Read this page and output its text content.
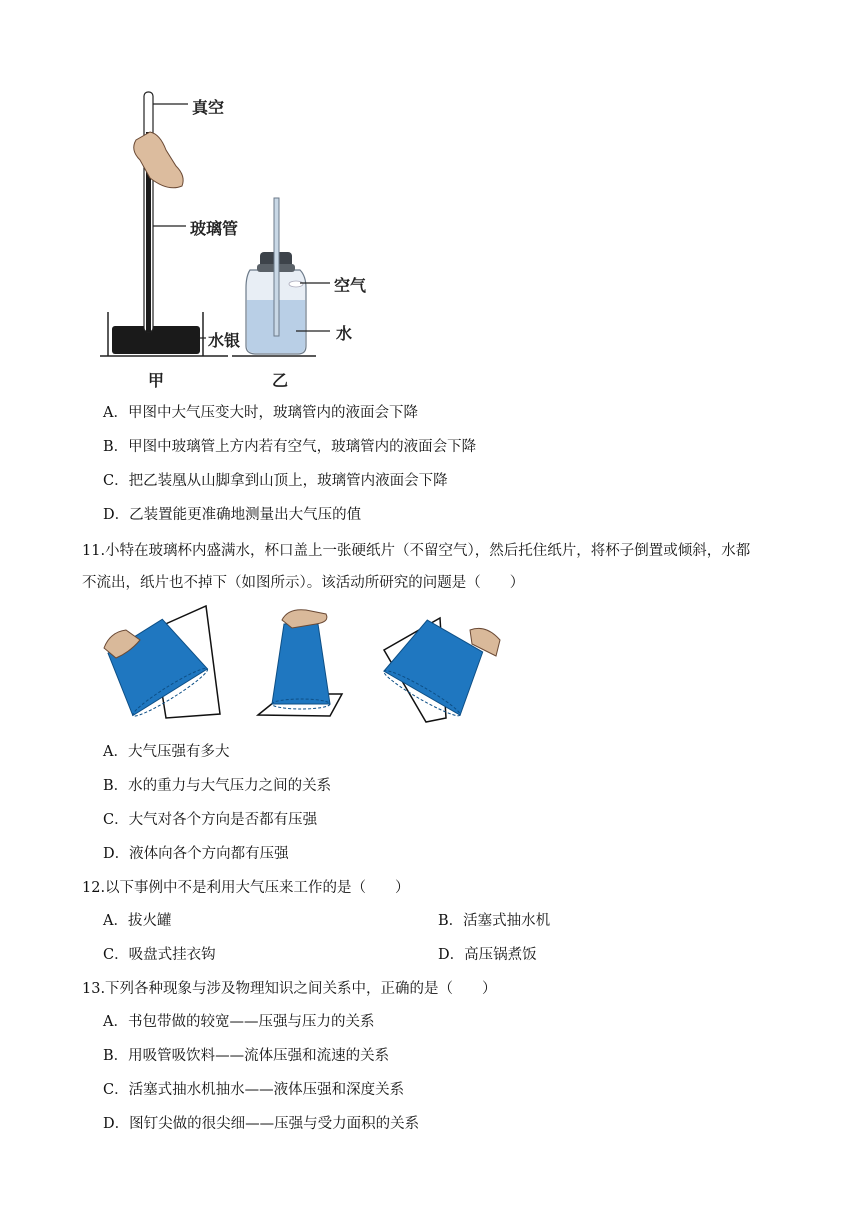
真空
玻璃管
水银
空气
水
甲	乙
A．甲图中大气压变大时，玻璃管内的液面会下降
B．甲图中玻璃管上方内若有空气，玻璃管内的液面会下降
C．把乙装凰从山脚拿到山顶上，玻璃管内液面会下降
D．乙装置能更准确地测量出大气压的值
11.小特在玻璃杯内盛满水，杯口盖上一张硬纸片（不留空气），然后托住纸片，将杯子倒置或倾斜，水都
不流出，纸片也不掉下（如图所示）。该活动所研究的问题是（　　）
A．大气压强有多大
B．水的重力与大气压力之间的关系
C．大气对各个方向是否都有压强
D．液体向各个方向都有压强
12.以下事例中不是利用大气压来工作的是（　　）
A．拔火罐	B．活塞式抽水机
C．吸盘式挂衣钩	D．高压锅煮饭
13.下列各种现象与涉及物理知识之间关系中，正确的是（　　）
A．书包带做的较宽——压强与压力的关系
B．用吸管吸饮料——流体压强和流速的关系
C．活塞式抽水机抽水——液体压强和深度关系
D．图钉尖做的很尖细——压强与受力面积的关系
